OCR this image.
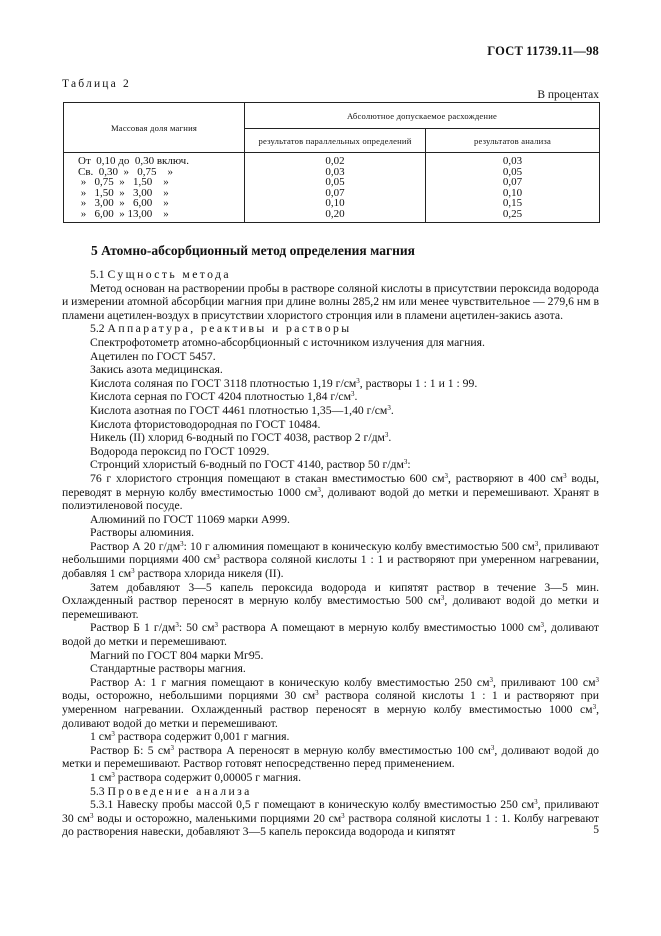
ГОСТ 11739.11—98
Таблица 2
В процентах
Массовая доля магния	Абсолютное допускаемое расхождение	
	результатов параллельных определений	результатов анализа
От  0,10 до  0,30 включ.	0,02	0,03
Св.  0,30  »   0,75    »	0,03	0,05
»   0,75  »   1,50    »	0,05	0,07
»   1,50  »   3,00    »	0,07	0,10
»   3,00  »   6,00    »	0,10	0,15
»   6,00  » 13,00    »	0,20	0,25
5 Атомно-абсорбционный метод определения магния

5.1 Сущность метода

Метод основан на растворении пробы в растворе соляной кислоты в присутствии пероксида водорода и измерении атомной абсорбции магния при длине волны 285,2 нм или менее чувствительное — 279,6 нм в пламени ацетилен-воздух в присутствии хлористого стронция или в пламени ацетилен-закись азота.

5.2 Аппаратура, реактивы и растворы

Спектрофотометр атомно-абсорбционный с источником излучения для магния.

Ацетилен по ГОСТ 5457.

Закись азота медицинская.

Кислота соляная по ГОСТ 3118 плотностью 1,19 $г/см^3$, растворы 1 : 1 и 1 : 99.

Кислота серная по ГОСТ 4204 плотностью 1,84 $г/см^3$.

Кислота азотная по ГОСТ 4461 плотностью 1,35—1,40 $г/см^3$.

Кислота фтористоводородная по ГОСТ 10484.

Никель (II) хлорид 6-водный по ГОСТ 4038, раствор 2 $г/дм^3$.

Водорода пероксид по ГОСТ 10929.

Стронций хлористый 6-водный по ГОСТ 4140, раствор 50 $г/дм^3$:

76 г хлористого стронция помещают в стакан вместимостью 600 $см^3$, растворяют в 400 $см^3$ воды, переводят в мерную колбу вместимостью 1000 $см^3$, доливают водой до метки и перемешивают. Хранят в полиэтиленовой посуде.

Алюминий по ГОСТ 11069 марки А999.

Растворы алюминия.

Раствор А 20 $г/дм^3$: 10 г алюминия помещают в коническую колбу вместимостью 500 $см^3$, приливают небольшими порциями 400 $см^3$ раствора соляной кислоты 1 : 1 и растворяют при умеренном нагревании, добавляя 1 $см^3$ раствора хлорида никеля (II).

Затем добавляют 3—5 капель пероксида водорода и кипятят раствор в течение 3—5 мин. Охлажденный раствор переносят в мерную колбу вместимостью 500 $см^3$, доливают водой до метки и перемешивают.

Раствор Б 1 $г/дм^3$: 50 $см^3$ раствора А помещают в мерную колбу вместимостью 1000 $см^3$, доливают водой до метки и перемешивают.

Магний по ГОСТ 804 марки Мг95.

Стандартные растворы магния.

Раствор А: 1 г магния помещают в коническую колбу вместимостью 250 $см^3$, приливают 100 $см^3$ воды, осторожно, небольшими порциями 30 $см^3$ раствора соляной кислоты 1 : 1 и растворяют при умеренном нагревании. Охлажденный раствор переносят в мерную колбу вместимостью 1000 $см^3$, доливают водой до метки и перемешивают.

1 $см^3$ раствора содержит 0,001 г магния.

Раствор Б: 5 $см^3$ раствора А переносят в мерную колбу вместимостью 100 $см^3$, доливают водой до метки и перемешивают. Раствор готовят непосредственно перед применением.

1 $см^3$ раствора содержит 0,00005 г магния.

5.3 Проведение анализа

5.3.1 Навеску пробы массой 0,5 г помещают в коническую колбу вместимостью 250 $см^3$, приливают 30 $см^3$ воды и осторожно, маленькими порциями 20 $см^3$ раствора соляной кислоты 1 : 1. Колбу нагревают до растворения навески, добавляют 3—5 капель пероксида водорода и кипятят	5
